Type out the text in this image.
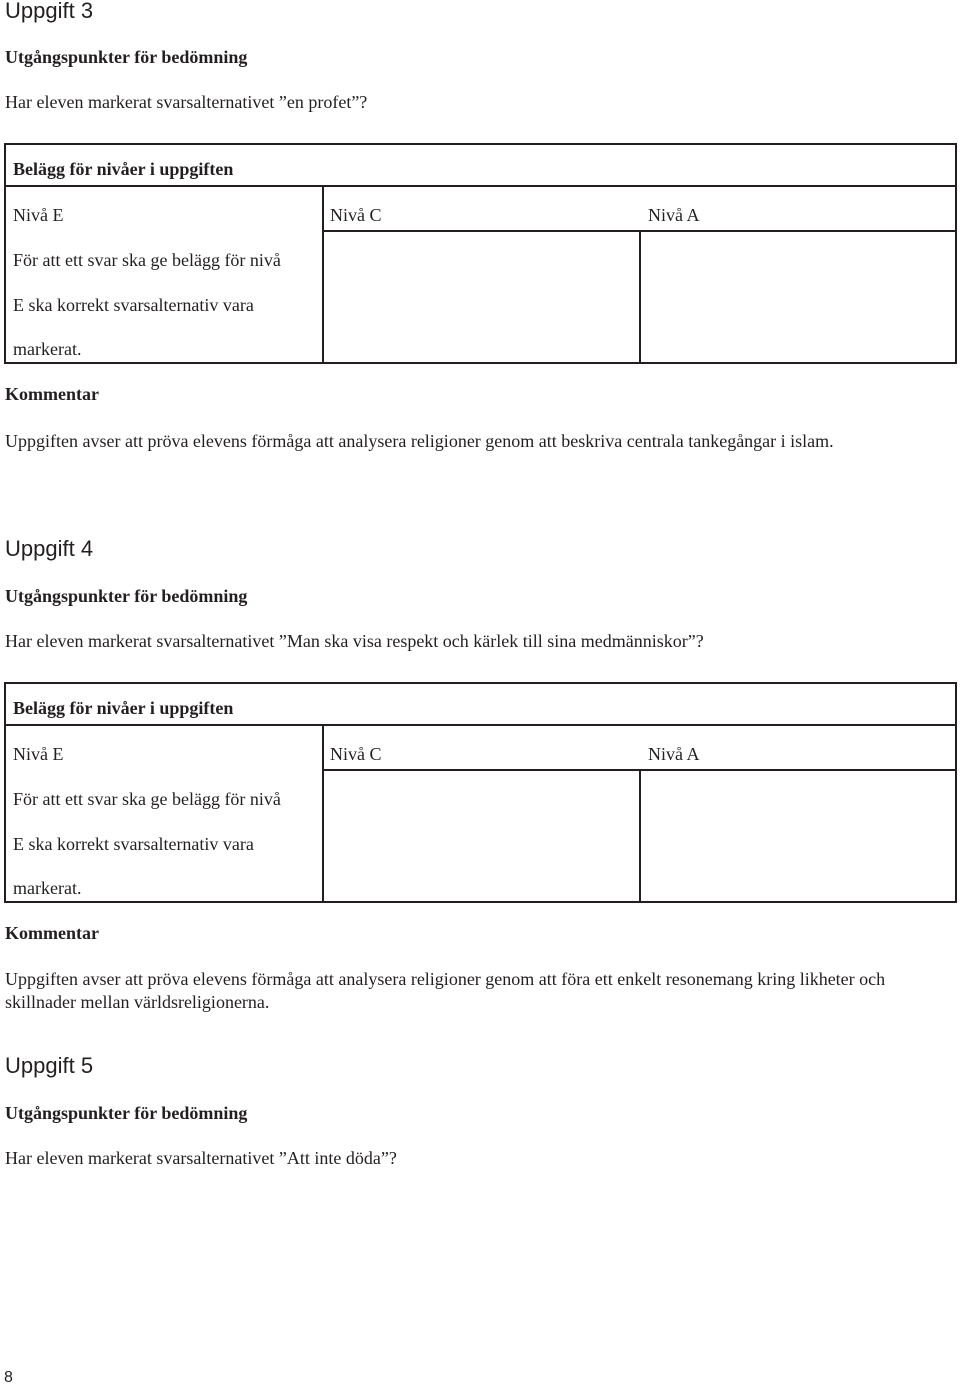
Uppgift 3
Utgångspunkter för bedömning
Har eleven markerat svarsalternativet ”en profet”?
Belägg för nivåer i uppgiften
Nivå E	Nivå C	Nivå A
För att ett svar ska ge belägg för nivå
E ska korrekt svarsalternativ vara
markerat.
Kommentar
Uppgiften avser att pröva elevens förmåga att analysera religioner genom att beskriva centrala tankegångar i islam.
Uppgift 4
Utgångspunkter för bedömning
Har eleven markerat svarsalternativet ”Man ska visa respekt och kärlek till sina medmänniskor”?
Belägg för nivåer i uppgiften
Nivå E	Nivå C	Nivå A
För att ett svar ska ge belägg för nivå
E ska korrekt svarsalternativ vara
markerat.
Kommentar
Uppgiften avser att pröva elevens förmåga att analysera religioner genom att föra ett enkelt resonemang kring likheter och skillnader mellan världsreligionerna.
Uppgift 5
Utgångspunkter för bedömning
Har eleven markerat svarsalternativet ”Att inte döda”?
8
